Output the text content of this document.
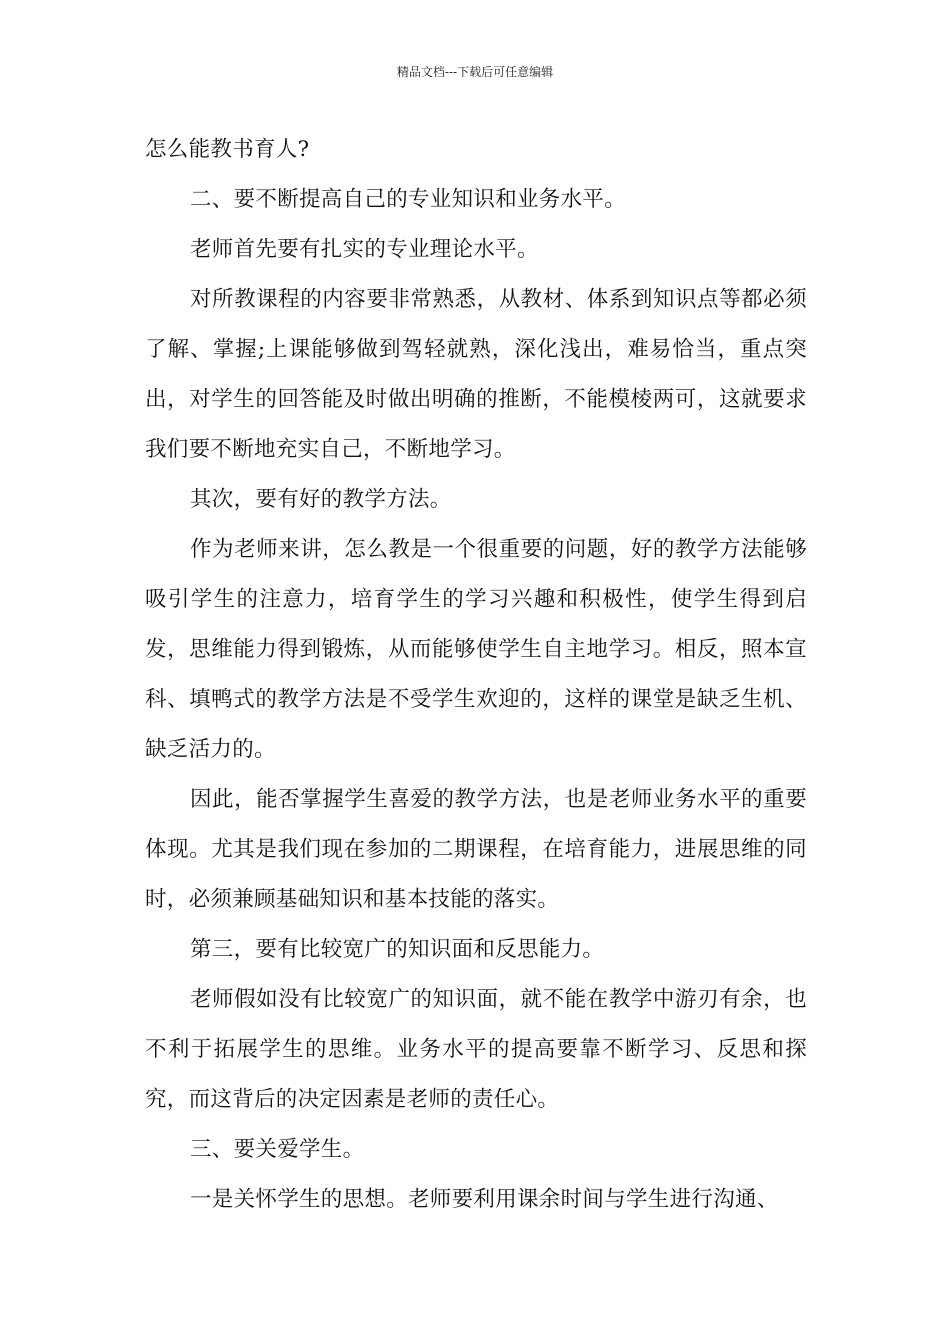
精品文档---下载后可任意编辑

怎么能教书育人?

二、要不断提高自己的专业知识和业务水平。

老师首先要有扎实的专业理论水平。

对所教课程的内容要非常熟悉，从教材、体系到知识点等都必须了解、掌握;上课能够做到驾轻就熟，深化浅出，难易恰当，重点突出，对学生的回答能及时做出明确的推断，不能模棱两可，这就要求我们要不断地充实自己，不断地学习。

其次，要有好的教学方法。

作为老师来讲，怎么教是一个很重要的问题，好的教学方法能够吸引学生的注意力，培育学生的学习兴趣和积极性，使学生得到启发，思维能力得到锻炼，从而能够使学生自主地学习。相反，照本宣科、填鸭式的教学方法是不受学生欢迎的，这样的课堂是缺乏生机、缺乏活力的。

因此，能否掌握学生喜爱的教学方法，也是老师业务水平的重要体现。尤其是我们现在参加的二期课程，在培育能力，进展思维的同时，必须兼顾基础知识和基本技能的落实。

第三，要有比较宽广的知识面和反思能力。

老师假如没有比较宽广的知识面，就不能在教学中游刃有余，也不利于拓展学生的思维。业务水平的提高要靠不断学习、反思和探究，而这背后的决定因素是老师的责任心。

三、要关爱学生。

一是关怀学生的思想。老师要利用课余时间与学生进行沟通、
